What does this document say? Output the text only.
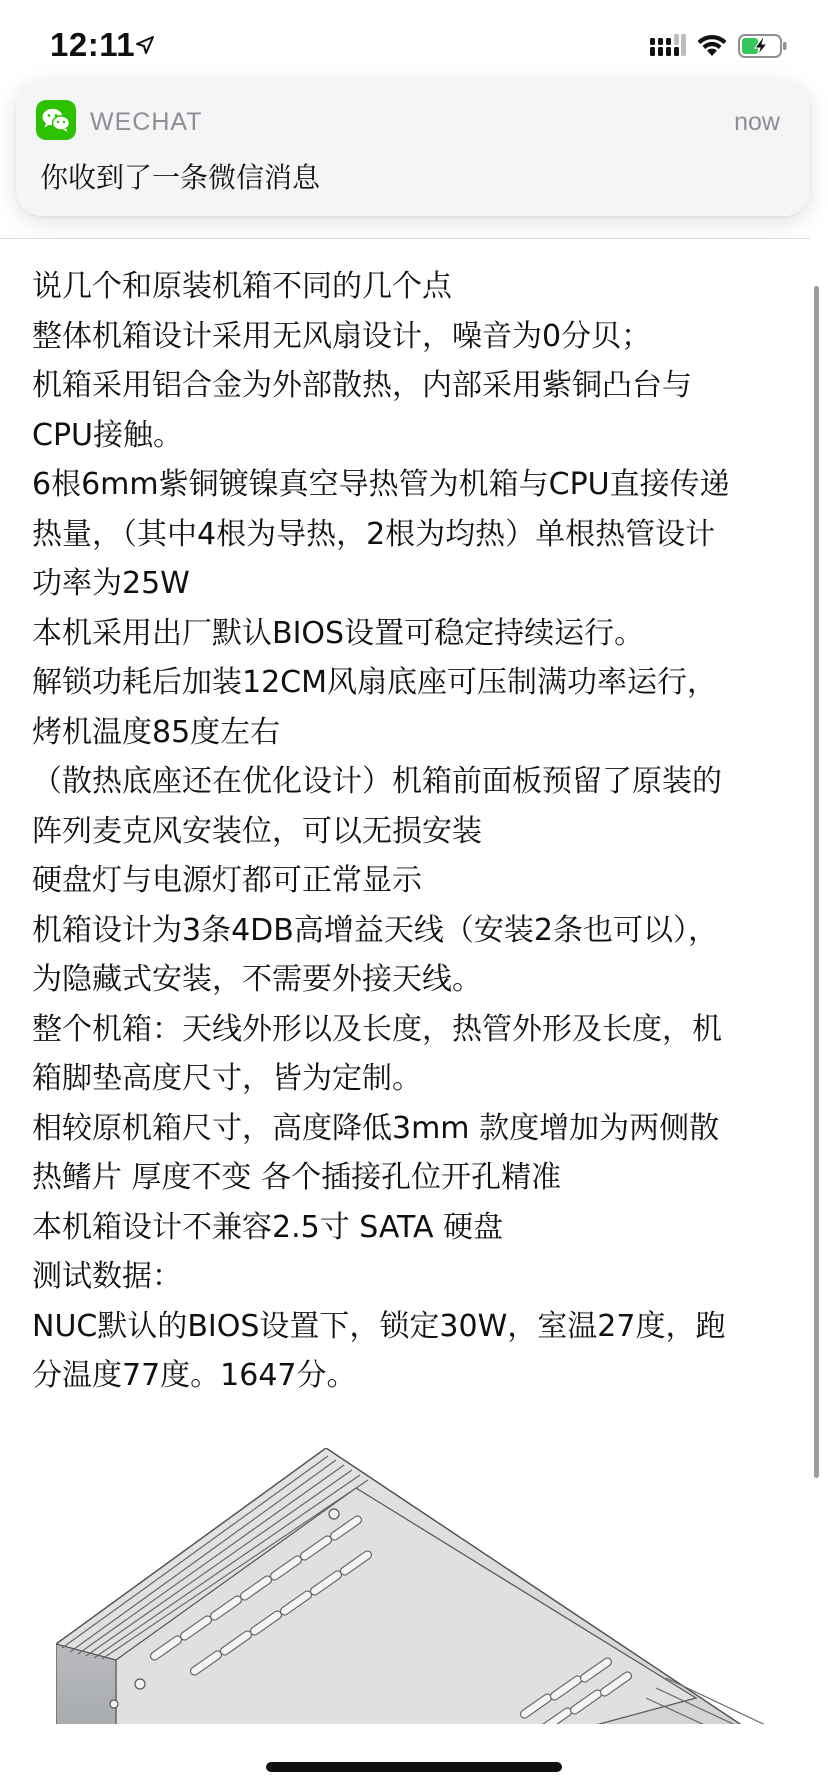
12:11

说几个和原装机箱不同的几个点

整体机箱设计采用无风扇设计，噪音为0分贝；

机箱采用铝合金为外部散热，内部采用紫铜凸台与

CPU接触。

6根6mm紫铜镀镍真空导热管为机箱与CPU直接传递

热量，（其中4根为导热，2根为均热）单根热管设计

功率为25W

本机采用出厂默认BIOS设置可稳定持续运行。

解锁功耗后加装12CM风扇底座可压制满功率运行，

烤机温度85度左右

（散热底座还在优化设计）机箱前面板预留了原装的

阵列麦克风安装位，可以无损安装

硬盘灯与电源灯都可正常显示

机箱设计为3条4DB高增益天线（安装2条也可以），

为隐藏式安装，不需要外接天线。

整个机箱：天线外形以及长度，热管外形及长度，机

箱脚垫高度尺寸，皆为定制。

相较原机箱尺寸，高度降低3mm 款度增加为两侧散

热鳍片 厚度不变 各个插接孔位开孔精准

本机箱设计不兼容2.5寸 SATA 硬盘

测试数据：

NUC默认的BIOS设置下，锁定30W，室温27度，跑

分温度77度。1647分。

WECHAT	now
你收到了一条微信消息
